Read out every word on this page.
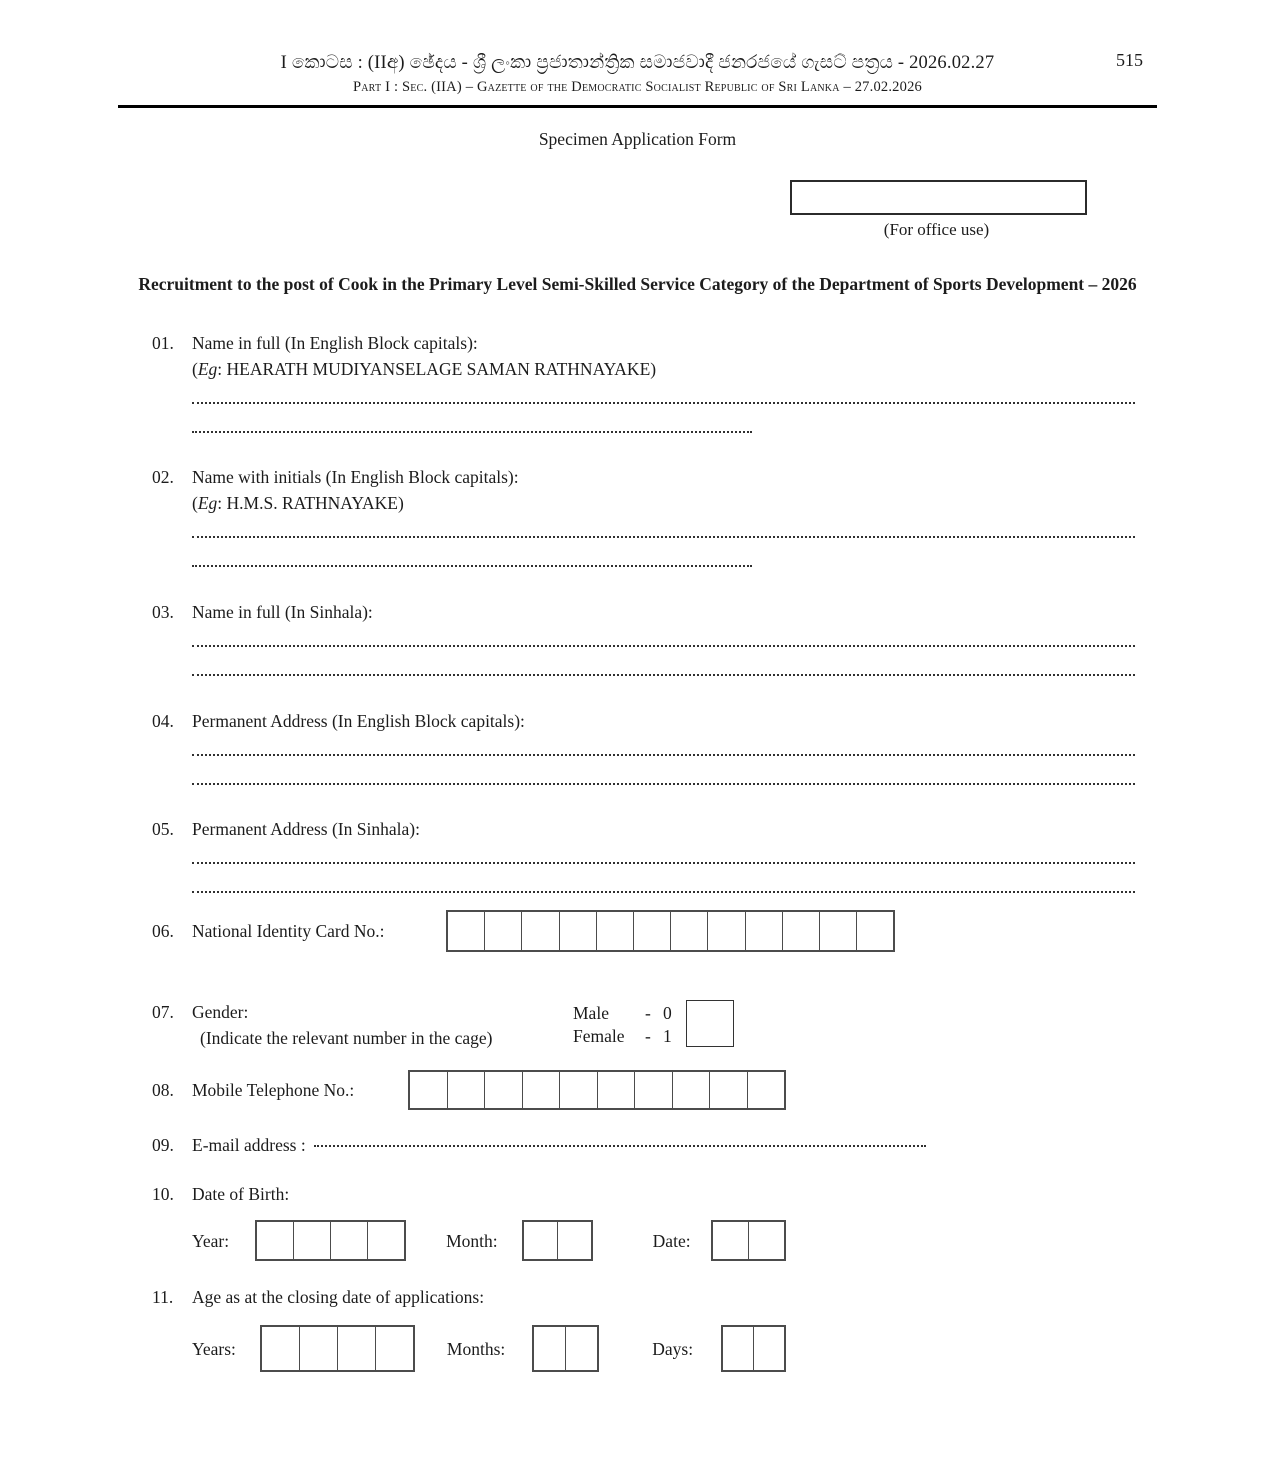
515
I කොටස : (IIඅ) ඡේදය - ශ්‍රී ලංකා ප්‍රජාතාන්ත්‍රික සමාජවාදී ජනරජයේ ගැසට් පත්‍රය - 2026.02.27
Part I : Sec. (IIA) – Gazette of the Democratic Socialist Republic of Sri Lanka – 27.02.2026
Specimen Application Form
(For office use)
Recruitment to the post of Cook in the Primary Level Semi-Skilled Service Category of the Department of Sports Development – 2026
01. Name in full (In English Block capitals):
(Eg: HEARATH MUDIYANSELAGE SAMAN RATHNAYAKE)
02. Name with initials (In English Block capitals):
(Eg: H.M.S. RATHNAYAKE)
03. Name in full (In Sinhala):
04. Permanent Address (In English Block capitals):
05. Permanent Address (In Sinhala):
06. National Identity Card No.:
07. Gender:
(Indicate the relevant number in the cage)
Male	- 0
Female	- 1
08. Mobile Telephone No.:
09. E-mail address :
10. Date of Birth:
Year:	Month:	Date:
11. Age as at the closing date of applications:
Years:	Months:	Days:
